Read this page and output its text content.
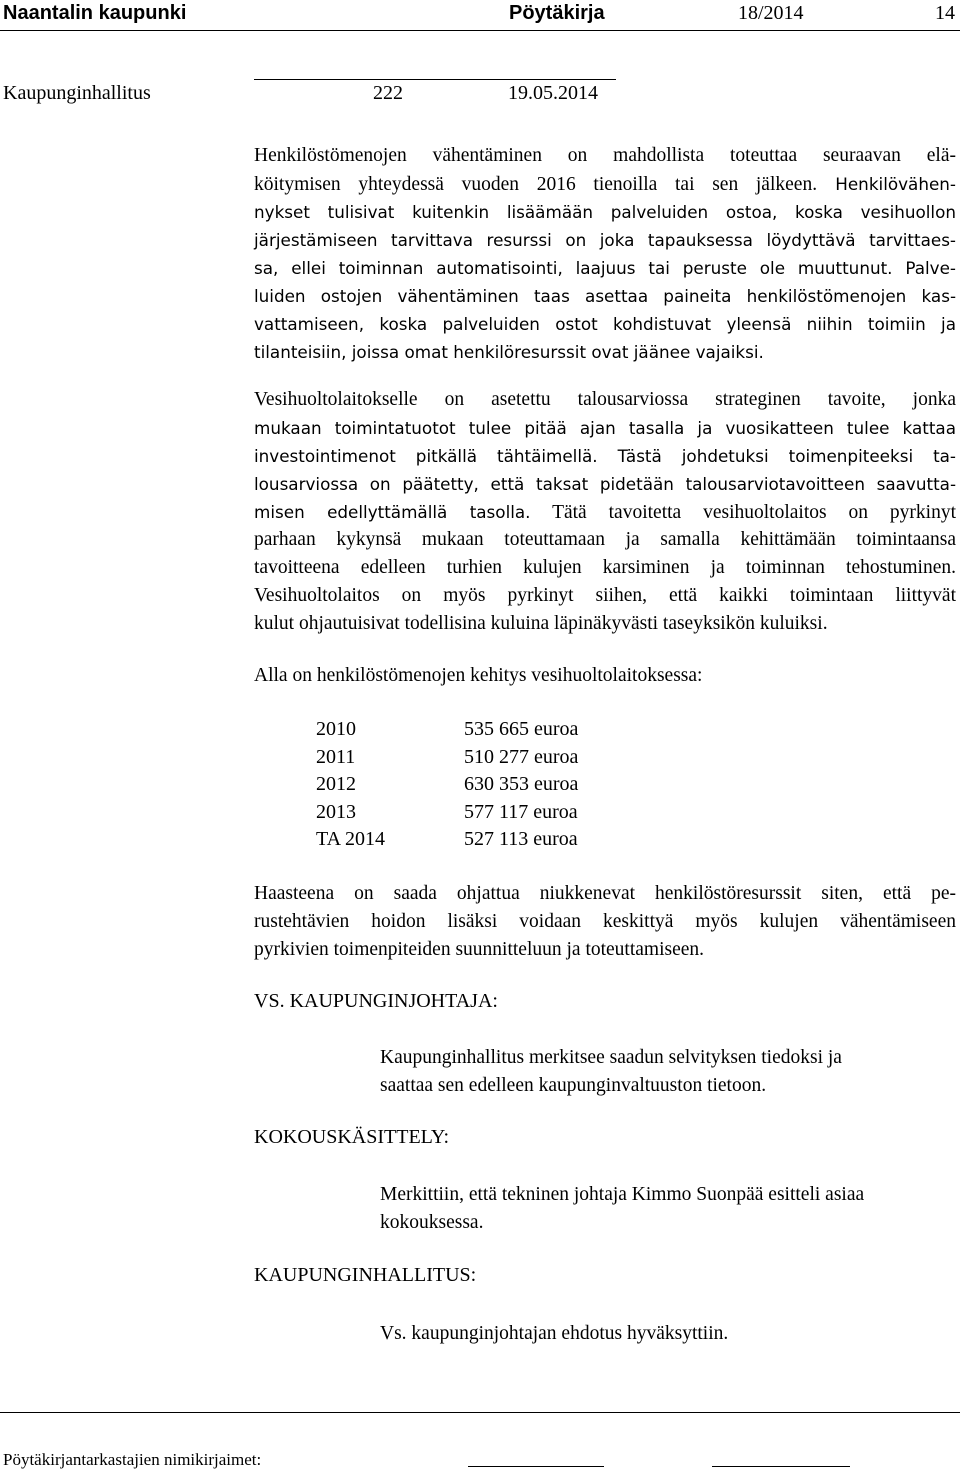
Naantalin kaupunki	Pöytäkirja	18/2014	14
Kaupunginhallitus	222	19.05.2014
Henkilöstömenojen vähentäminen on mahdollista toteuttaa seuraavan elä-
köitymisen yhteydessä vuoden 2016 tienoilla tai sen jälkeen. Henkilövähen-
nykset tulisivat kuitenkin lisäämään palveluiden ostoa, koska vesihuollon
järjestämiseen tarvittava resurssi on joka tapauksessa löydyttävä tarvittaes-
sa, ellei toiminnan automatisointi, laajuus tai peruste ole muuttunut. Palve-
luiden ostojen vähentäminen taas asettaa paineita henkilöstömenojen kas-
vattamiseen, koska palveluiden ostot kohdistuvat yleensä niihin toimiin ja
tilanteisiin, joissa omat henkilöresurssit ovat jäänee vajaiksi.
Vesihuoltolaitokselle on asetettu talousarviossa strateginen tavoite, jonka
mukaan toimintatuotot tulee pitää ajan tasalla ja vuosikatteen tulee kattaa
investointimenot pitkällä tähtäimellä. Tästä johdetuksi toimenpiteeksi ta-
lousarviossa on päätetty, että taksat pidetään talousarviotavoitteen saavutta-
misen edellyttämällä tasolla. Tätä tavoitetta vesihuoltolaitos on pyrkinyt
parhaan kykynsä mukaan toteuttamaan ja samalla kehittämään toimintaansa
tavoitteena edelleen turhien kulujen karsiminen ja toiminnan tehostuminen.
Vesihuoltolaitos on myös pyrkinyt siihen, että kaikki toimintaan liittyvät
kulut ohjautuisivat todellisina kuluina läpinäkyvästi taseyksikön kuluiksi.
Alla on henkilöstömenojen kehitys vesihuoltolaitoksessa:
2010	535 665 euroa
2011	510 277 euroa
2012	630 353 euroa
2013	577 117 euroa
TA 2014	527 113 euroa
Haasteena on saada ohjattua niukkenevat henkilöstöresurssit siten, että pe-
rustehtävien hoidon lisäksi voidaan keskittyä myös kulujen vähentämiseen
pyrkivien toimenpiteiden suunnitteluun ja toteuttamiseen.
VS. KAUPUNGINJOHTAJA:
Kaupunginhallitus merkitsee saadun selvityksen tiedoksi ja
saattaa sen edelleen kaupunginvaltuuston tietoon.
KOKOUSKÄSITTELY:
Merkittiin, että tekninen johtaja Kimmo Suonpää esitteli asiaa
kokouksessa.
KAUPUNGINHALLITUS:
Vs. kaupunginjohtajan ehdotus hyväksyttiin.
Pöytäkirjantarkastajien nimikirjaimet:
